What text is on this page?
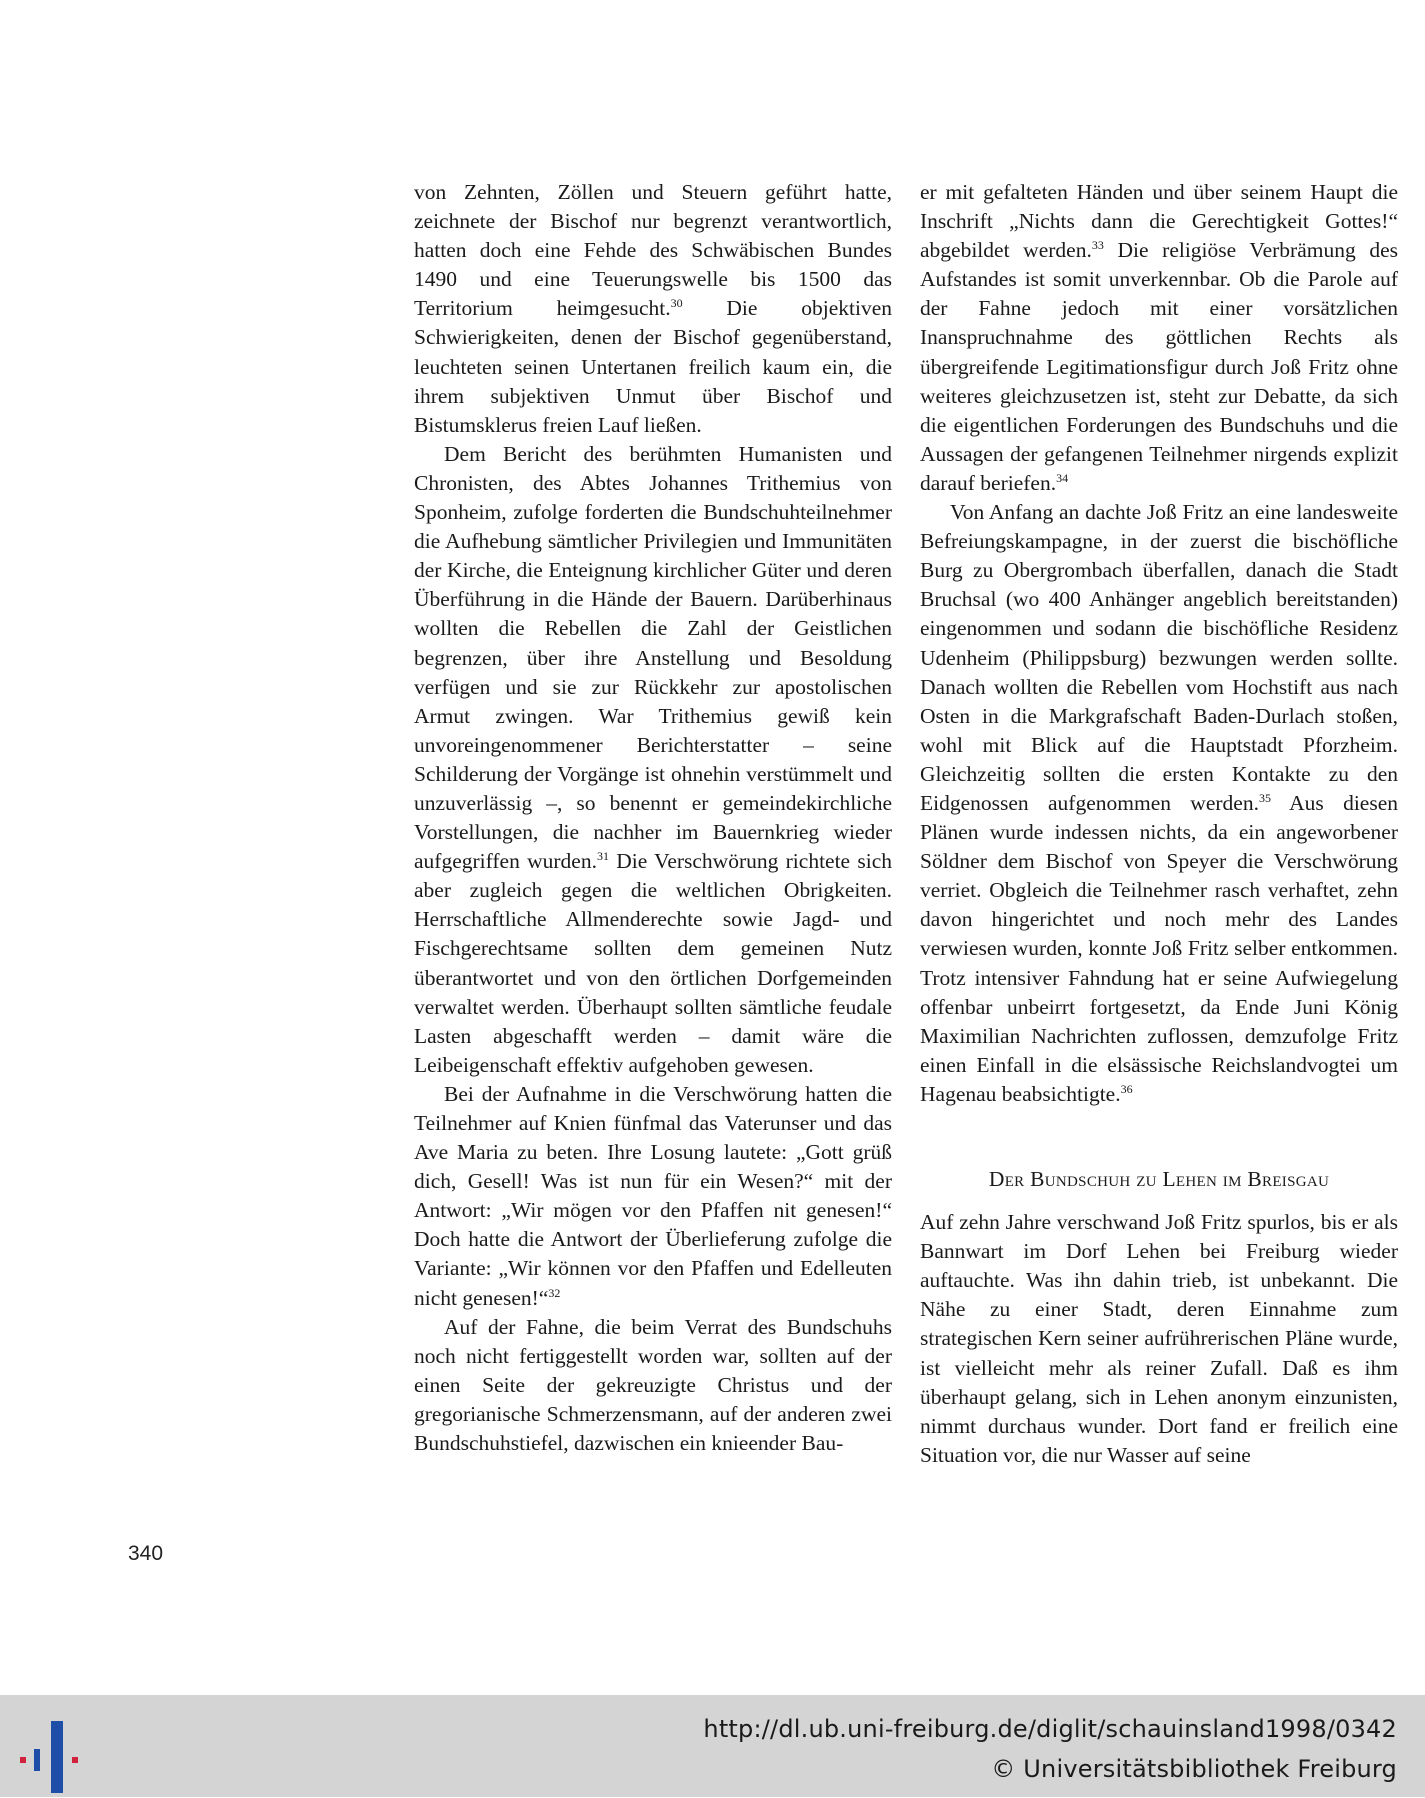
von Zehnten, Zöllen und Steuern geführt hatte, zeichnete der Bischof nur begrenzt verantwortlich, hatten doch eine Fehde des Schwäbischen Bundes 1490 und eine Teuerungswelle bis 1500 das Territorium heimgesucht.$^{30}$ Die objektiven Schwierigkeiten, denen der Bischof gegenüberstand, leuchteten seinen Untertanen freilich kaum ein, die ihrem subjektiven Unmut über Bischof und Bistumsklerus freien Lauf ließen.

Dem Bericht des berühmten Humanisten und Chronisten, des Abtes Johannes Trithemius von Sponheim, zufolge forderten die Bundschuhteilnehmer die Aufhebung sämtlicher Privilegien und Immunitäten der Kirche, die Enteignung kirchlicher Güter und deren Überführung in die Hände der Bauern. Darüberhinaus wollten die Rebellen die Zahl der Geistlichen begrenzen, über ihre Anstellung und Besoldung verfügen und sie zur Rückkehr zur apostolischen Armut zwingen. War Trithemius gewiß kein unvoreingenommener Berichterstatter – seine Schilderung der Vorgänge ist ohnehin verstümmelt und unzuverlässig –, so benennt er gemeindekirchliche Vorstellungen, die nachher im Bauernkrieg wieder aufgegriffen wurden.$^{31}$ Die Verschwörung richtete sich aber zugleich gegen die weltlichen Obrigkeiten. Herrschaftliche Allmenderechte sowie Jagd- und Fischgerechtsame sollten dem gemeinen Nutz überantwortet und von den örtlichen Dorfgemeinden verwaltet werden. Überhaupt sollten sämtliche feudale Lasten abgeschafft werden – damit wäre die Leibeigenschaft effektiv aufgehoben gewesen.

Bei der Aufnahme in die Verschwörung hatten die Teilnehmer auf Knien fünfmal das Vaterunser und das Ave Maria zu beten. Ihre Losung lautete: „Gott grüß dich, Gesell! Was ist nun für ein Wesen?“ mit der Antwort: „Wir mögen vor den Pfaffen nit genesen!“ Doch hatte die Antwort der Überlieferung zufolge die Variante: „Wir können vor den Pfaffen und Edelleuten nicht genesen!“$^{32}$

Auf der Fahne, die beim Verrat des Bundschuhs noch nicht fertiggestellt worden war, sollten auf der einen Seite der gekreuzigte Christus und der gregorianische Schmerzensmann, auf der anderen zwei Bundschuhstiefel, dazwischen ein knieender Bau-

er mit gefalteten Händen und über seinem Haupt die Inschrift „Nichts dann die Gerechtigkeit Gottes!“ abgebildet werden.$^{33}$ Die religiöse Verbrämung des Aufstandes ist somit unverkennbar. Ob die Parole auf der Fahne jedoch mit einer vorsätzlichen Inanspruchnahme des göttlichen Rechts als übergreifende Legitimationsfigur durch Joß Fritz ohne weiteres gleichzusetzen ist, steht zur Debatte, da sich die eigentlichen Forderungen des Bundschuhs und die Aussagen der gefangenen Teilnehmer nirgends explizit darauf beriefen.$^{34}$

Von Anfang an dachte Joß Fritz an eine landesweite Befreiungskampagne, in der zuerst die bischöfliche Burg zu Obergrombach überfallen, danach die Stadt Bruchsal (wo 400 Anhänger angeblich bereitstanden) eingenommen und sodann die bischöfliche Residenz Udenheim (Philippsburg) bezwungen werden sollte. Danach wollten die Rebellen vom Hochstift aus nach Osten in die Markgrafschaft Baden-Durlach stoßen, wohl mit Blick auf die Hauptstadt Pforzheim. Gleichzeitig sollten die ersten Kontakte zu den Eidgenossen aufgenommen werden.$^{35}$ Aus diesen Plänen wurde indessen nichts, da ein angeworbener Söldner dem Bischof von Speyer die Verschwörung verriet. Obgleich die Teilnehmer rasch verhaftet, zehn davon hingerichtet und noch mehr des Landes verwiesen wurden, konnte Joß Fritz selber entkommen. Trotz intensiver Fahndung hat er seine Aufwiegelung offenbar unbeirrt fortgesetzt, da Ende Juni König Maximilian Nachrichten zuflossen, demzufolge Fritz einen Einfall in die elsässische Reichslandvogtei um Hagenau beabsichtigte.$^{36}$

Der Bundschuh zu Lehen im Breisgau

Auf zehn Jahre verschwand Joß Fritz spurlos, bis er als Bannwart im Dorf Lehen bei Freiburg wieder auftauchte. Was ihn dahin trieb, ist unbekannt. Die Nähe zu einer Stadt, deren Einnahme zum strategischen Kern seiner aufrührerischen Pläne wurde, ist vielleicht mehr als reiner Zufall. Daß es ihm überhaupt gelang, sich in Lehen anonym einzunisten, nimmt durchaus wunder. Dort fand er freilich eine Situation vor, die nur Wasser auf seine

340
http://dl.ub.uni-freiburg.de/diglit/schauinsland1998/0342
© Universitätsbibliothek Freiburg
